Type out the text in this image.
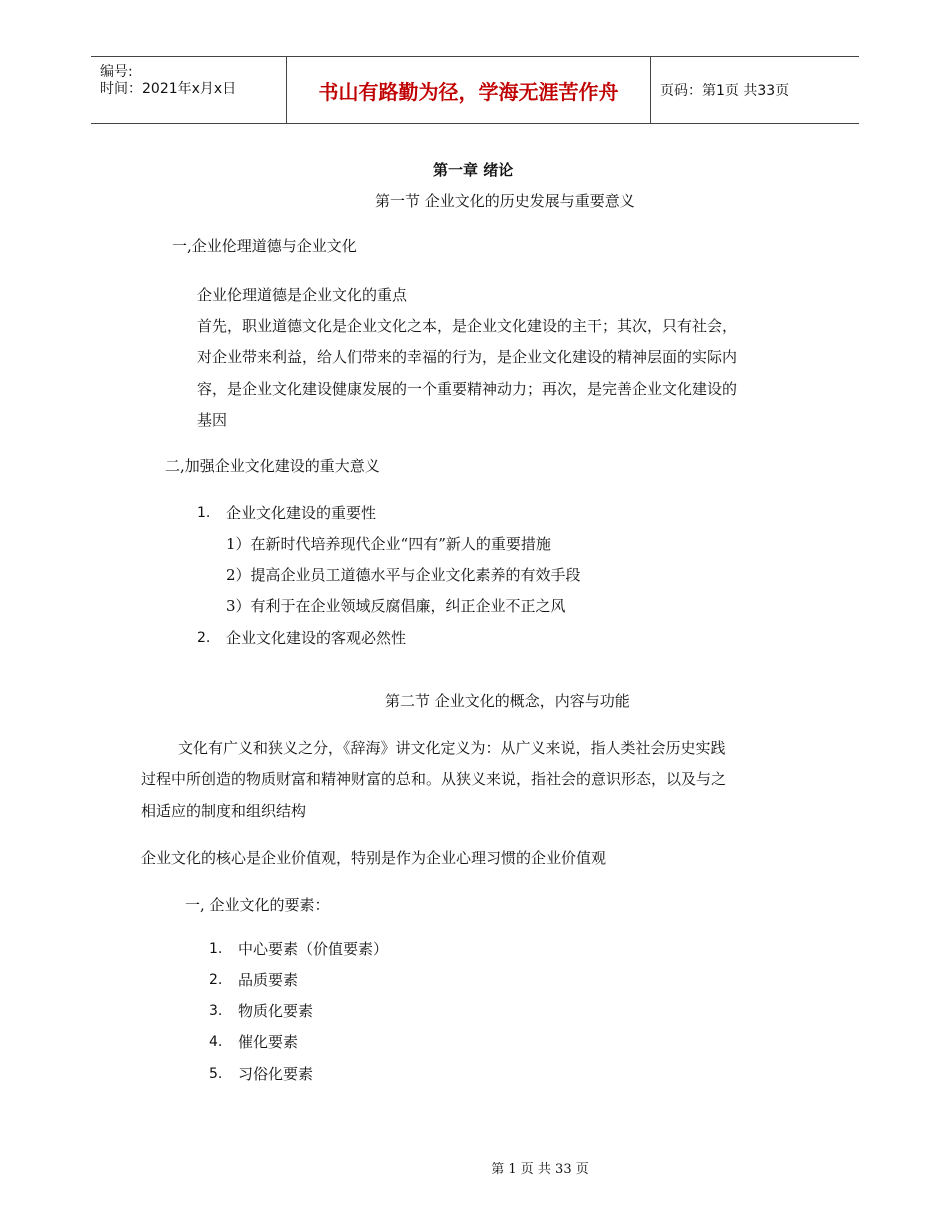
编号:
时间：2021年x月x日	书山有路勤为径，学海无涯苦作舟	页码：第1页 共33页
第一章 绪论
第一节 企业文化的历史发展与重要意义
一,企业伦理道德与企业文化
企业伦理道德是企业文化的重点
首先，职业道德文化是企业文化之本，是企业文化建设的主干；其次，只有社会，
对企业带来利益，给人们带来的幸福的行为，是企业文化建设的精神层面的实际内
容，是企业文化建设健康发展的一个重要精神动力；再次，是完善企业文化建设的
基因
二,加强企业文化建设的重大意义
1. 企业文化建设的重要性
1）在新时代培养现代企业“四有”新人的重要措施
2）提高企业员工道德水平与企业文化素养的有效手段
3）有利于在企业领域反腐倡廉，纠正企业不正之风
2. 企业文化建设的客观必然性
第二节 企业文化的概念，内容与功能
文化有广义和狭义之分，《辞海》讲文化定义为：从广义来说，指人类社会历史实践
过程中所创造的物质财富和精神财富的总和。从狭义来说，指社会的意识形态，以及与之
相适应的制度和组织结构
企业文化的核心是企业价值观，特别是作为企业心理习惯的企业价值观
一, 企业文化的要素：
1. 中心要素（价值要素）
2. 品质要素
3. 物质化要素
4. 催化要素
5. 习俗化要素
第 1 页 共 33 页
